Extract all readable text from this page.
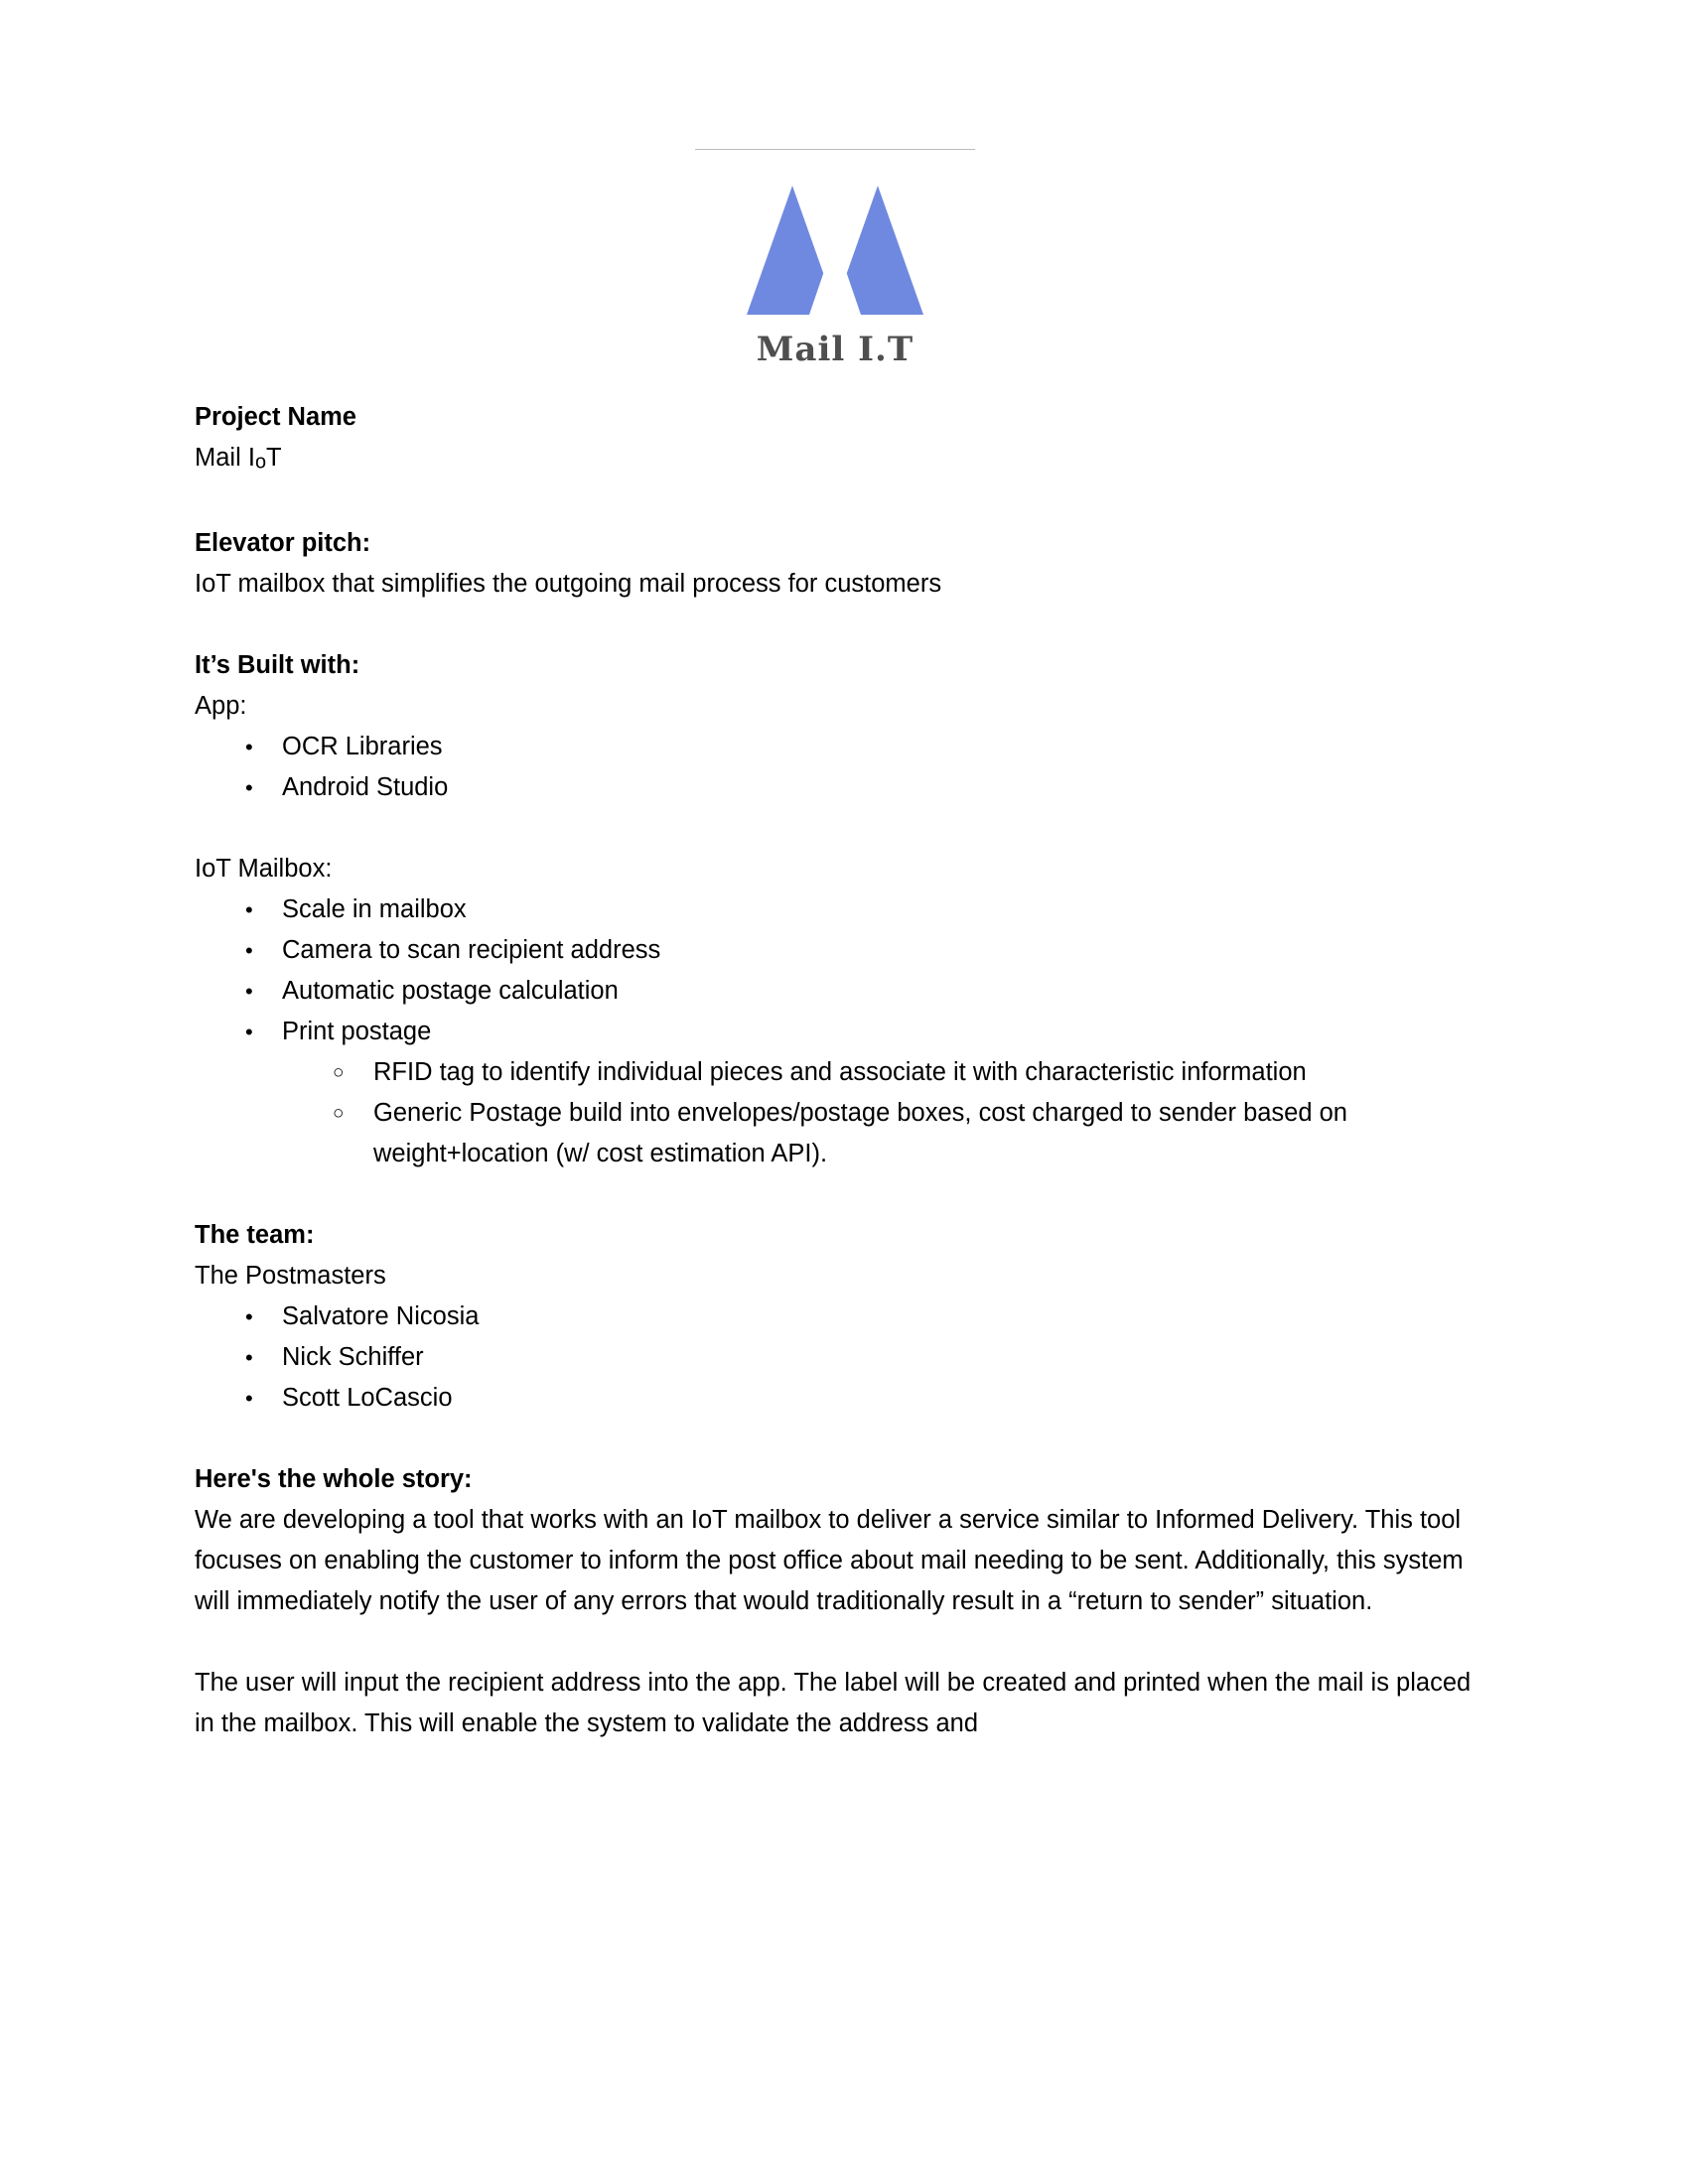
Mail I.T
Project Name
Mail IoT
Elevator pitch:
IoT mailbox that simplifies the outgoing mail process for customers
It’s Built with:
App:
• OCR Libraries
• Android Studio
IoT Mailbox:
• Scale in mailbox
• Camera to scan recipient address
• Automatic postage calculation
• Print postage
○ RFID tag to identify individual pieces and associate it with characteristic information
○ Generic Postage build into envelopes/postage boxes, cost charged to sender based on weight+location (w/ cost estimation API).
The team:
The Postmasters
• Salvatore Nicosia
• Nick Schiffer
• Scott LoCascio
Here's the whole story:
We are developing a tool that works with an IoT mailbox to deliver a service similar to Informed Delivery. This tool focuses on enabling the customer to inform the post office about mail needing to be sent. Additionally, this system will immediately notify the user of any errors that would traditionally result in a “return to sender” situation.
The user will input the recipient address into the app. The label will be created and printed when the mail is placed in the mailbox. This will enable the system to validate the address and
